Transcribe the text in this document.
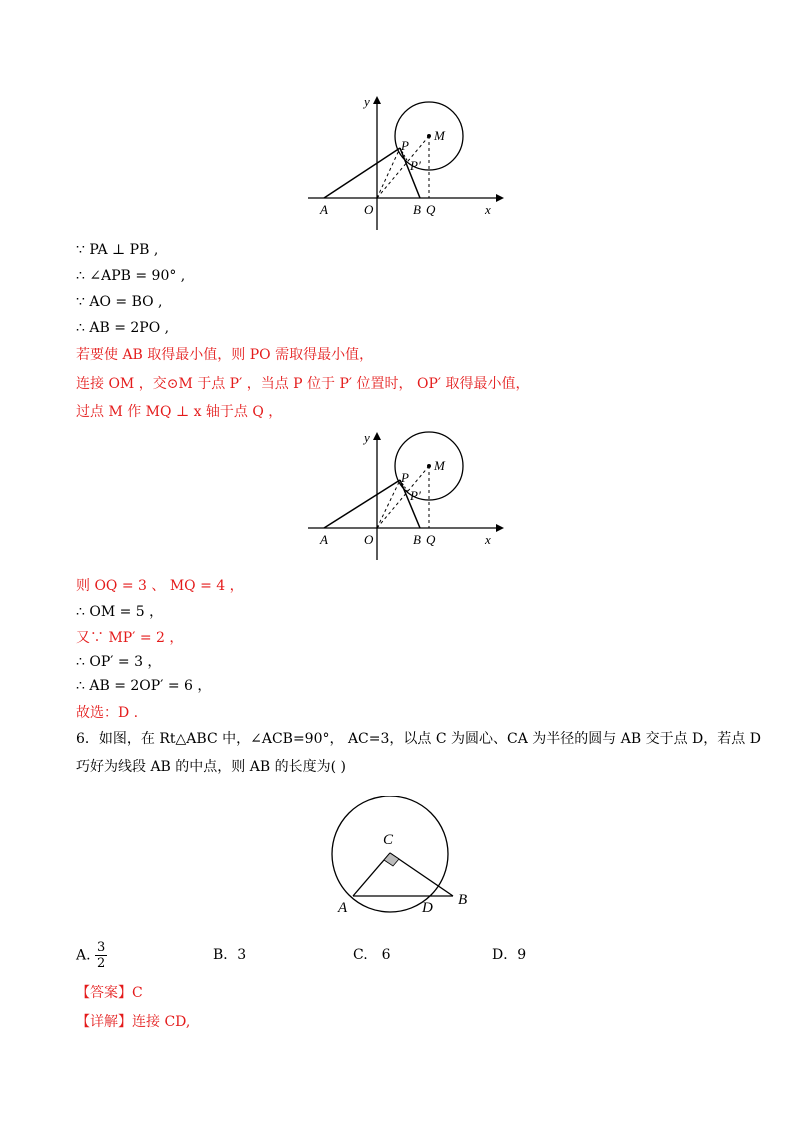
y
x
A	O	B Q
P
P′
M
∵ PA ⊥ PB ,
∴ ∠APB = 90° ,
∵ AO = BO ,
∴ AB = 2PO ,
若要使 AB 取得最小值，则 PO 需取得最小值，
连接 OM ，交⊙M 于点 P′ ，当点 P 位于 P′ 位置时， OP′ 取得最小值，
过点 M 作 MQ ⊥ x 轴于点 Q ，
y
x
A	O	B Q
P
P′
M
则 OQ = 3 、 MQ = 4 ，
∴ OM = 5 ，
又∵ MP′ = 2 ，
∴ OP′ = 3 ，
∴ AB = 2OP′ = 6 ，
故选：D .
6．如图，在 Rt△ABC 中，∠ACB=90°， AC=3，以点 C 为圆心、CA 为半径的圆与 AB 交于点 D，若点 D
巧好为线段 AB 的中点，则 AB 的长度为( )
C
A	D B
A. $\frac{3}{2}$	B．3	C.　6	D．9
【答案】C
【详解】连接 CD,
